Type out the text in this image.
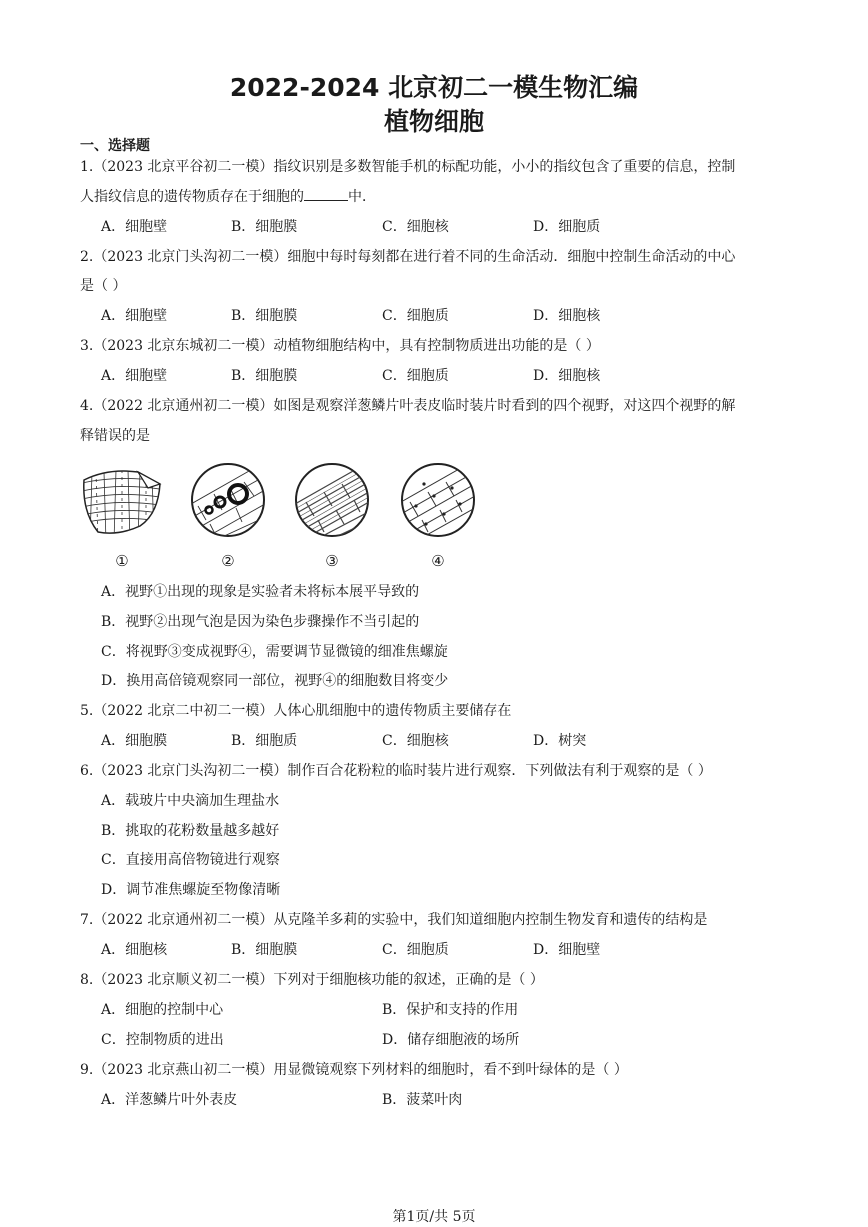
2022-2024 北京初二一模生物汇编
植物细胞
一、选择题
1.（2023 北京平谷初二一模）指纹识别是多数智能手机的标配功能，小小的指纹包含了重要的信息，控制
人指纹信息的遗传物质存在于细胞的	中．
A．细胞壁	B．细胞膜	C．细胞核	D．细胞质
2.（2023 北京门头沟初二一模）细胞中每时每刻都在进行着不同的生命活动．细胞中控制生命活动的中心
是（ ）
A．细胞壁	B．细胞膜	C．细胞质	D．细胞核
3.（2023 北京东城初二一模）动植物细胞结构中，具有控制物质进出功能的是（ ）
A．细胞壁	B．细胞膜	C．细胞质	D．细胞核
4.（2022 北京通州初二一模）如图是观察洋葱鳞片叶表皮临时装片时看到的四个视野，对这四个视野的解
释错误的是
①	②	③	④
A．视野①出现的现象是实验者未将标本展平导致的
B．视野②出现气泡是因为染色步骤操作不当引起的
C．将视野③变成视野④，需要调节显微镜的细准焦螺旋
D．换用高倍镜观察同一部位，视野④的细胞数目将变少
5.（2022 北京二中初二一模）人体心肌细胞中的遗传物质主要储存在
A．细胞膜	B．细胞质	C．细胞核	D．树突
6.（2023 北京门头沟初二一模）制作百合花粉粒的临时装片进行观察．下列做法有利于观察的是（ ）
A．载玻片中央滴加生理盐水
B．挑取的花粉数量越多越好
C．直接用高倍物镜进行观察
D．调节准焦螺旋至物像清晰
7.（2022 北京通州初二一模）从克隆羊多莉的实验中，我们知道细胞内控制生物发育和遗传的结构是
A．细胞核	B．细胞膜	C．细胞质	D．细胞壁
8.（2023 北京顺义初二一模）下列对于细胞核功能的叙述，正确的是（ ）
A．细胞的控制中心	B．保护和支持的作用
C．控制物质的进出	D．储存细胞液的场所
9.（2023 北京燕山初二一模）用显微镜观察下列材料的细胞时，看不到叶绿体的是（ ）
A．洋葱鳞片叶外表皮	B．菠菜叶肉
第1页/共 5页
